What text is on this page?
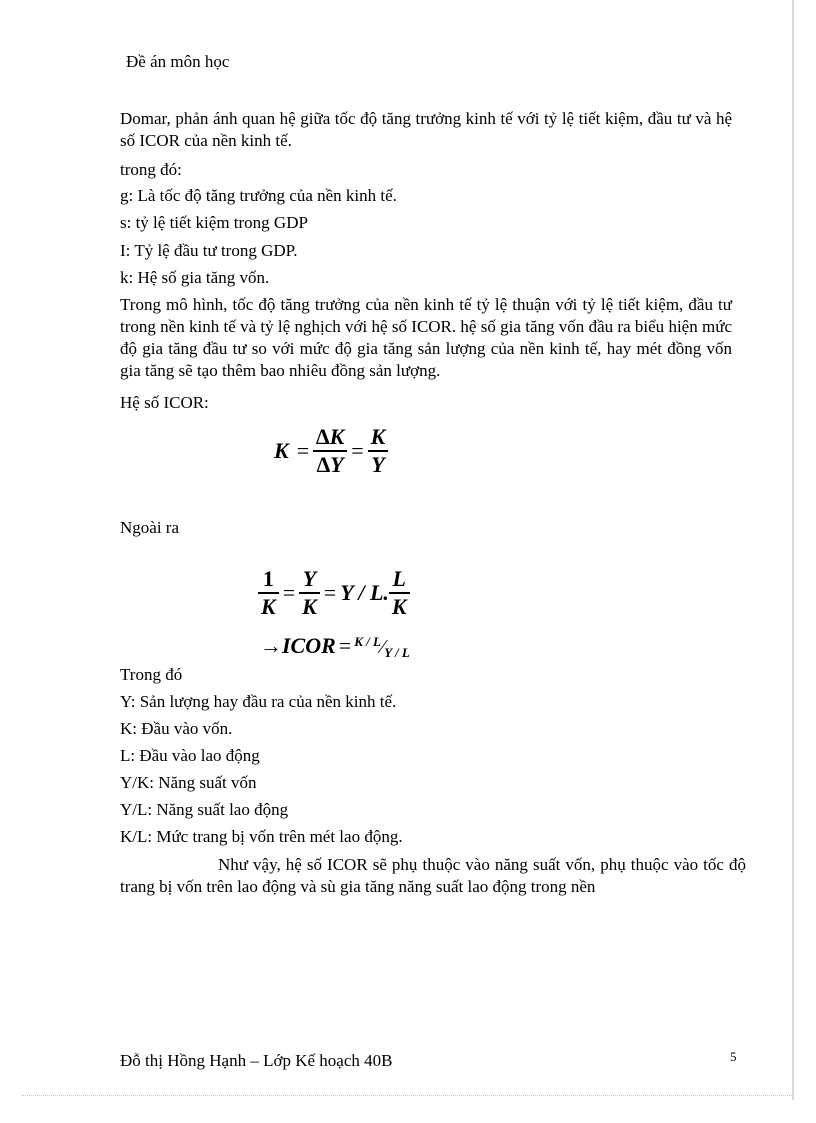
Đề án môn học

Domar, phản ánh quan hệ giữa tốc độ tăng trưởng kinh tế với tỷ lệ tiết kiệm, đầu tư và hệ số ICOR của nền kinh tế.

trong đó:
g: Là tốc độ tăng trưởng của nền kinh tế.
s: tỷ lệ tiết kiệm trong GDP
I: Tỷ lệ đầu tư trong GDP.
k: Hệ số gia tăng vốn.

Trong mô hình, tốc độ tăng trưởng của nền kinh tế tỷ lệ thuận với tỷ lệ tiết kiệm, đầu tư trong nền kinh tế và tỷ lệ nghịch với hệ số ICOR. hệ số gia tăng vốn đầu ra biểu hiện mức độ gia tăng đầu tư so với mức độ gia tăng sản lượng của nền kinh tế, hay mét đồng vốn gia tăng sẽ tạo thêm bao nhiêu đồng sản lượng.

Hệ số ICOR:
$K = \frac{\Delta K}{\Delta Y} = \frac{K}{Y}$
Ngoài ra
$\frac{1}{K} = \frac{Y}{K} = Y / L$. $\frac{L}{K}$
→ICOR = $^{K / L}$⁄Y / L
Trong đó
Y: Sản lượng hay đầu ra của nền kinh tế.
K: Đầu vào vốn.
L: Đầu vào lao động
Y/K: Năng suất vốn
Y/L: Năng suất lao động
K/L: Mức trang bị vốn trên mét lao động.
Như vậy, hệ số ICOR sẽ phụ thuộc vào năng suất vốn, phụ thuộc vào tốc độ trang bị vốn trên lao động và sù gia tăng năng suất lao động trong nền
Đỗ thị Hồng Hạnh – Lớp Kế hoạch 40B	5
